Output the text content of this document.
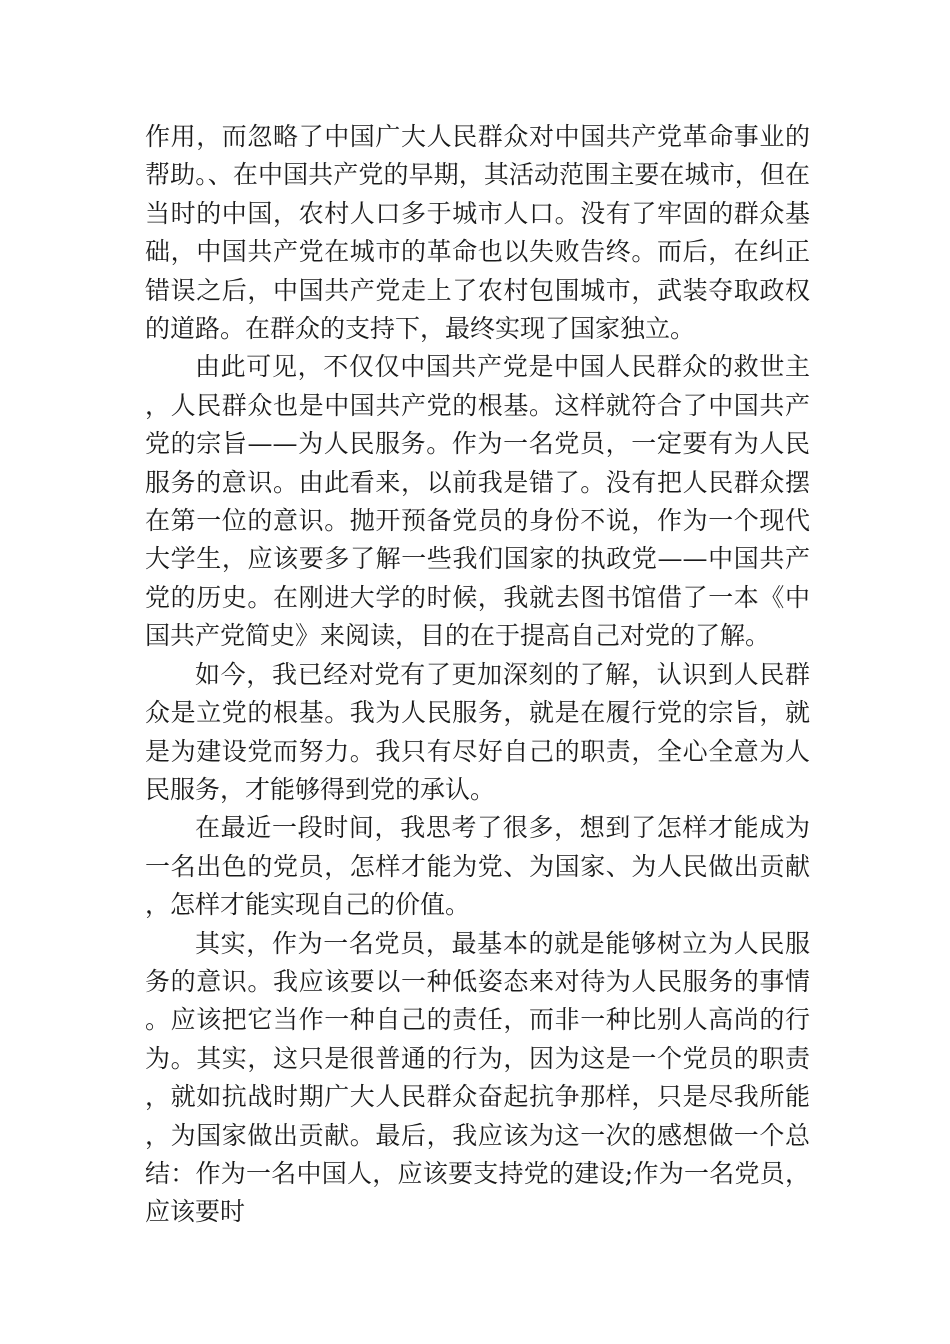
作用，而忽略了中国广大人民群众对中国共产党革命事业的帮助。、在中国共产党的早期，其活动范围主要在城市，但在当时的中国，农村人口多于城市人口。没有了牢固的群众基础，中国共产党在城市的革命也以失败告终。而后，在纠正错误之后，中国共产党走上了农村包围城市，武装夺取政权的道路。在群众的支持下，最终实现了国家独立。

由此可见，不仅仅中国共产党是中国人民群众的救世主，人民群众也是中国共产党的根基。这样就符合了中国共产党的宗旨——为人民服务。作为一名党员，一定要有为人民服务的意识。由此看来，以前我是错了。没有把人民群众摆在第一位的意识。抛开预备党员的身份不说，作为一个现代大学生，应该要多了解一些我们国家的执政党——中国共产党的历史。在刚进大学的时候，我就去图书馆借了一本《中国共产党简史》来阅读，目的在于提高自己对党的了解。

如今，我已经对党有了更加深刻的了解，认识到人民群众是立党的根基。我为人民服务，就是在履行党的宗旨，就是为建设党而努力。我只有尽好自己的职责，全心全意为人民服务，才能够得到党的承认。

在最近一段时间，我思考了很多，想到了怎样才能成为一名出色的党员，怎样才能为党、为国家、为人民做出贡献，怎样才能实现自己的价值。

其实，作为一名党员，最基本的就是能够树立为人民服务的意识。我应该要以一种低姿态来对待为人民服务的事情。应该把它当作一种自己的责任，而非一种比别人高尚的行为。其实，这只是很普通的行为，因为这是一个党员的职责，就如抗战时期广大人民群众奋起抗争那样，只是尽我所能，为国家做出贡献。最后，我应该为这一次的感想做一个总结：作为一名中国人，应该要支持党的建设;作为一名党员，应该要时
